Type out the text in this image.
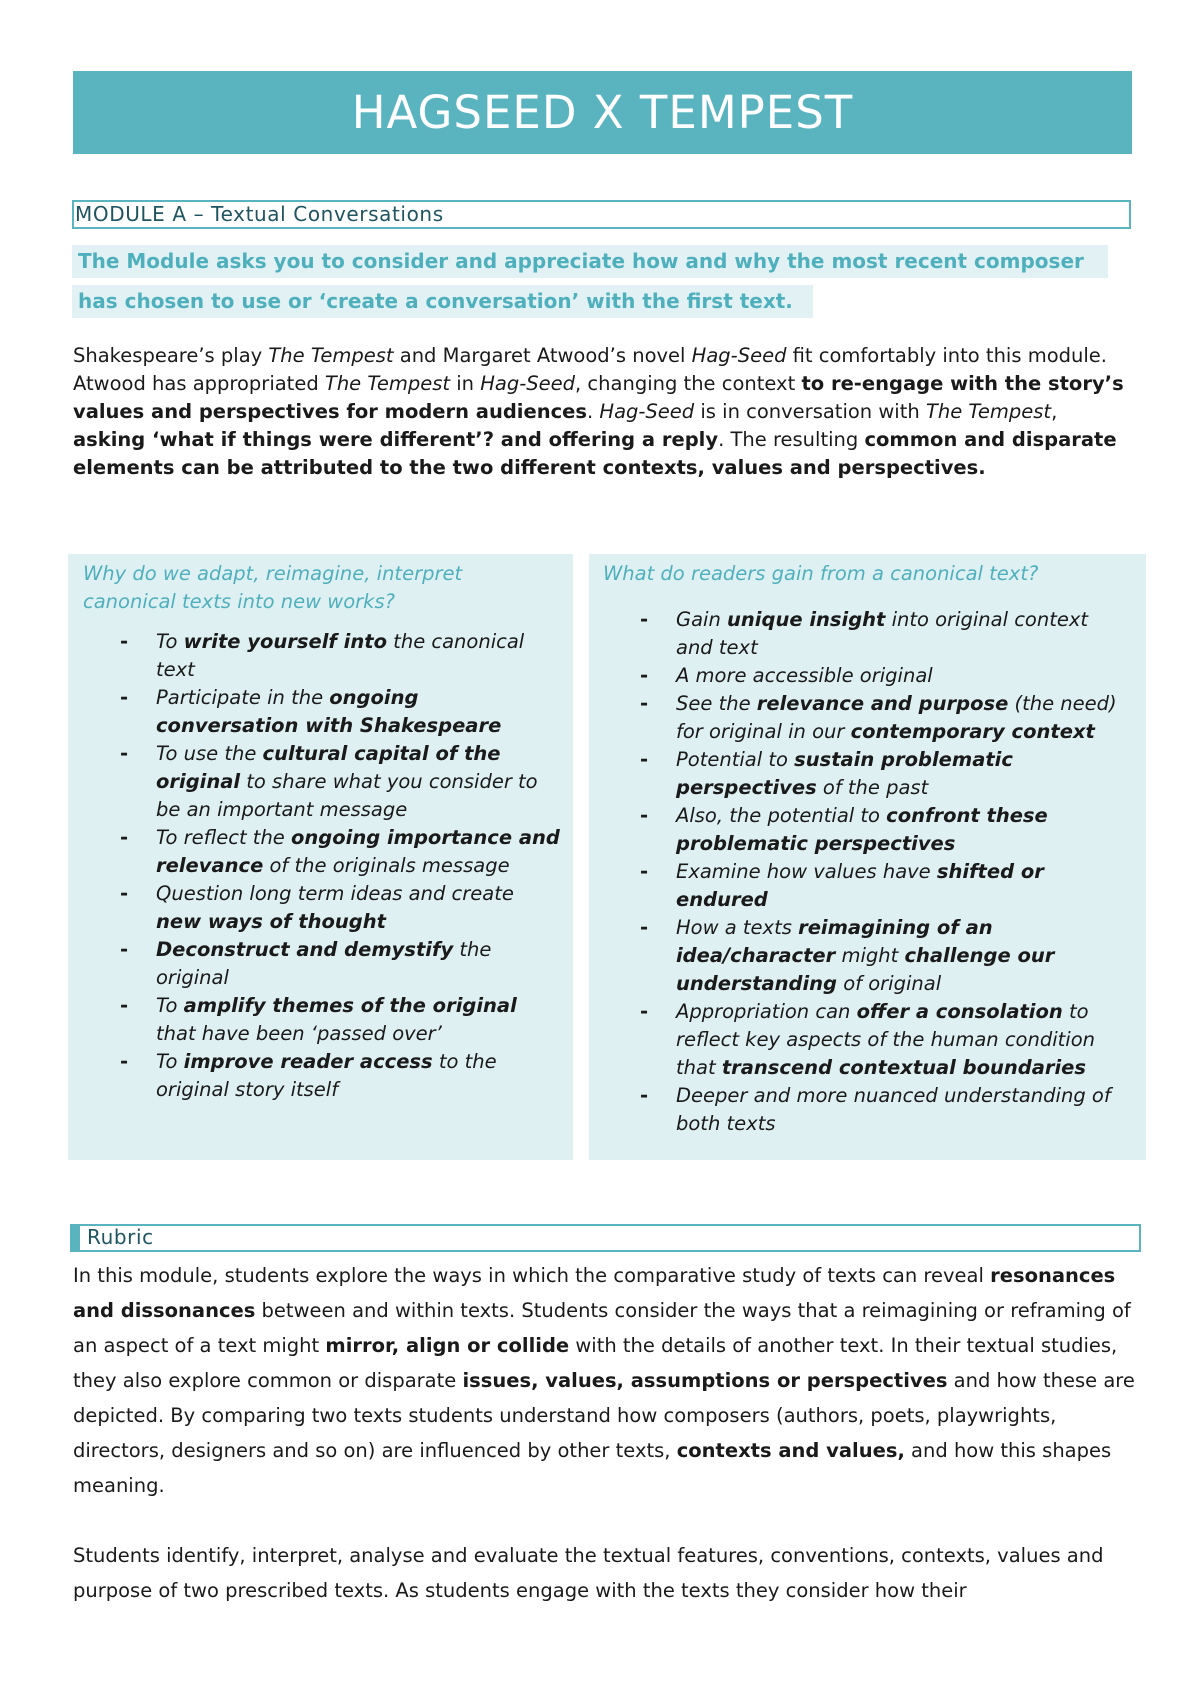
HAGSEED X TEMPEST
MODULE A – Textual Conversations
The Module asks you to consider and appreciate how and why the most recent composer
has chosen to use or ‘create a conversation’ with the first text.
Shakespeare’s play The Tempest and Margaret Atwood’s novel Hag-Seed fit comfortably into this module. Atwood has appropriated The Tempest in Hag-Seed, changing the context to re-engage with the story’s values and perspectives for modern audiences. Hag-Seed is in conversation with The Tempest, asking ‘what if things were different’? and offering a reply. The resulting common and disparate elements can be attributed to the two different contexts, values and perspectives.
Why do we adapt, reimagine, interpret canonical texts into new works?
- To write yourself into the canonical text
- Participate in the ongoing conversation with Shakespeare
- To use the cultural capital of the original to share what you consider to be an important message
- To reflect the ongoing importance and relevance of the originals message
- Question long term ideas and create new ways of thought
- Deconstruct and demystify the original
- To amplify themes of the original that have been ‘passed over’
- To improve reader access to the original story itself
What do readers gain from a canonical text?
- Gain unique insight into original context and text
- A more accessible original
- See the relevance and purpose (the need) for original in our contemporary context
- Potential to sustain problematic perspectives of the past
- Also, the potential to confront these problematic perspectives
- Examine how values have shifted or endured
- How a texts reimagining of an idea/character might challenge our understanding of original
- Appropriation can offer a consolation to reflect key aspects of the human condition that transcend contextual boundaries
- Deeper and more nuanced understanding of both texts
Rubric

In this module, students explore the ways in which the comparative study of texts can reveal resonances and dissonances between and within texts. Students consider the ways that a reimagining or reframing of an aspect of a text might mirror, align or collide with the details of another text. In their textual studies, they also explore common or disparate issues, values, assumptions or perspectives and how these are depicted. By comparing two texts students understand how composers (authors, poets, playwrights, directors, designers and so on) are influenced by other texts, contexts and values, and how this shapes meaning.

Students identify, interpret, analyse and evaluate the textual features, conventions, contexts, values and purpose of two prescribed texts. As students engage with the texts they consider how their
